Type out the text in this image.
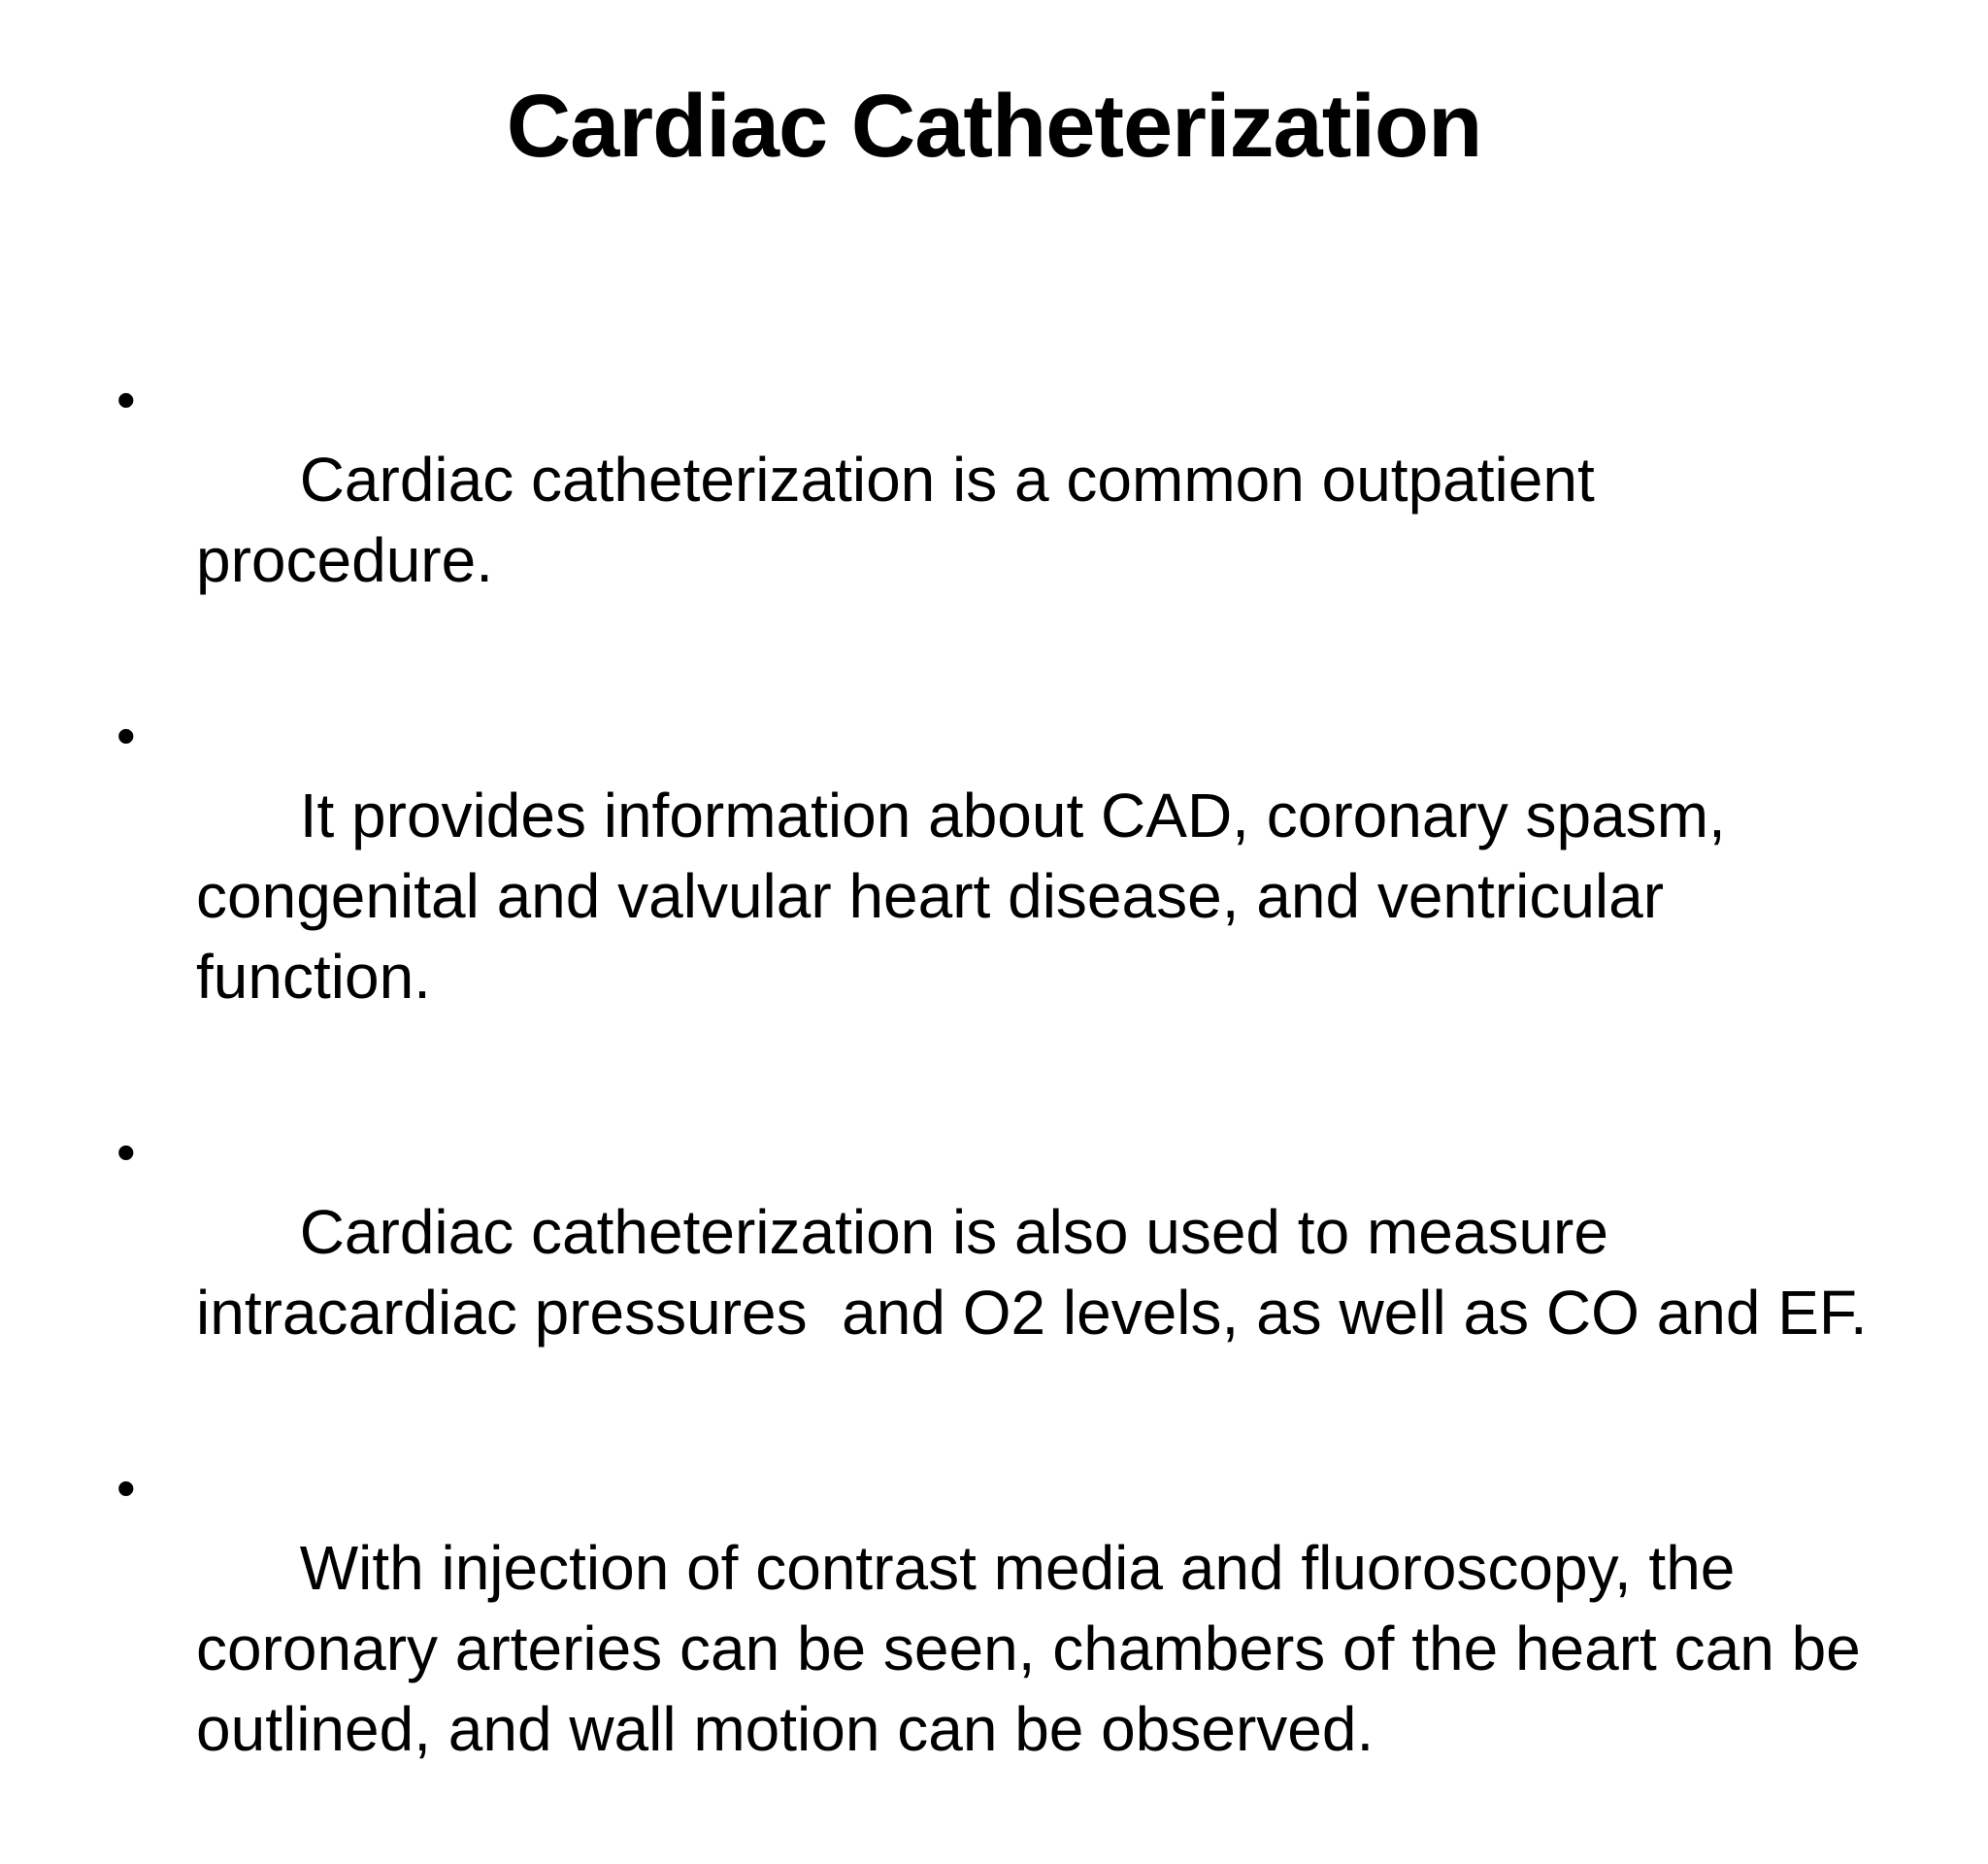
Cardiac Catheterization

•
Cardiac catheterization is a common outpatient procedure.

•
It provides information about CAD, coronary spasm, congenital and valvular heart disease, and ventricular function.

•
Cardiac catheterization is also used to measure intracardiac pressures  and O2 levels, as well as CO and EF.

•
With injection of contrast media and fluoroscopy, the coronary arteries can be seen, chambers of the heart can be outlined, and wall motion can be observed.
